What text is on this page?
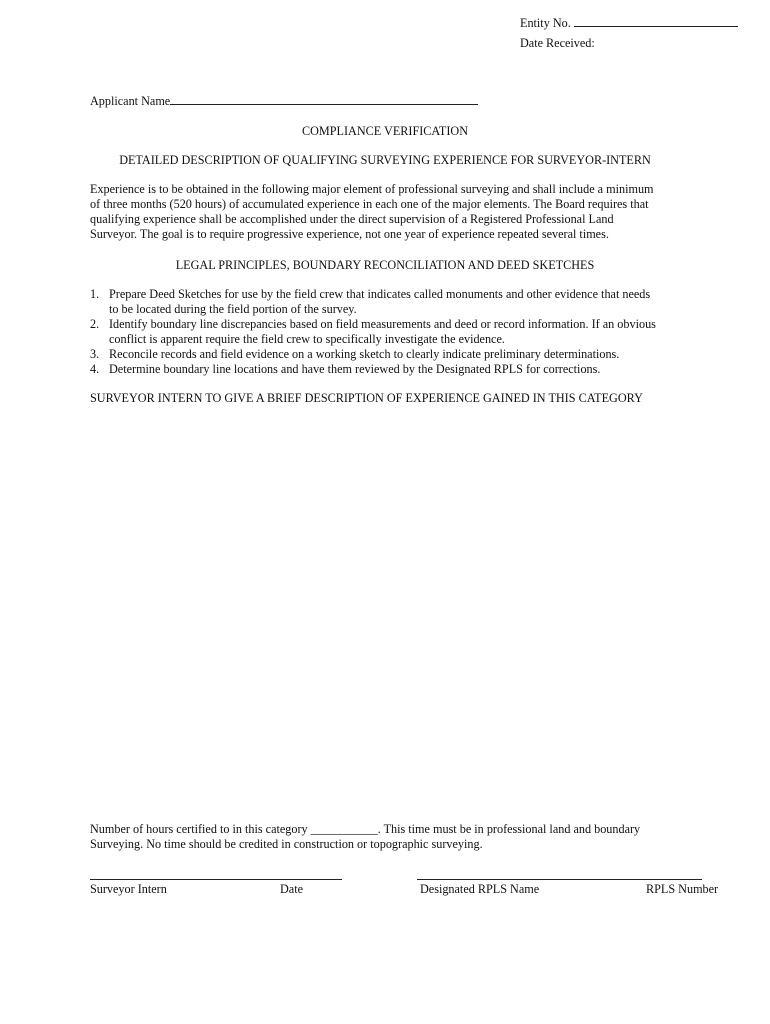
Entity No.
Date Received:
Applicant Name
COMPLIANCE VERIFICATION
DETAILED DESCRIPTION OF QUALIFYING SURVEYING EXPERIENCE FOR SURVEYOR-INTERN
Experience is to be obtained in the following major element of professional surveying and shall include a minimum
of three months (520 hours) of accumulated experience in each one of the major elements. The Board requires that
qualifying experience shall be accomplished under the direct supervision of a Registered Professional Land
Surveyor. The goal is to require progressive experience, not one year of experience repeated several times.
LEGAL PRINCIPLES, BOUNDARY RECONCILIATION AND DEED SKETCHES
1. Prepare Deed Sketches for use by the field crew that indicates called monuments and other evidence that needs
to be located during the field portion of the survey.
2. Identify boundary line discrepancies based on field measurements and deed or record information. If an obvious
conflict is apparent require the field crew to specifically investigate the evidence.
3. Reconcile records and field evidence on a working sketch to clearly indicate preliminary determinations.
4. Determine boundary line locations and have them reviewed by the Designated RPLS for corrections.
SURVEYOR INTERN TO GIVE A BRIEF DESCRIPTION OF EXPERIENCE GAINED IN THIS CATEGORY
Number of hours certified to in this category ___________. This time must be in professional land and boundary
Surveying. No time should be credited in construction or topographic surveying.
Surveyor Intern	Date	Designated RPLS Name	RPLS Number
